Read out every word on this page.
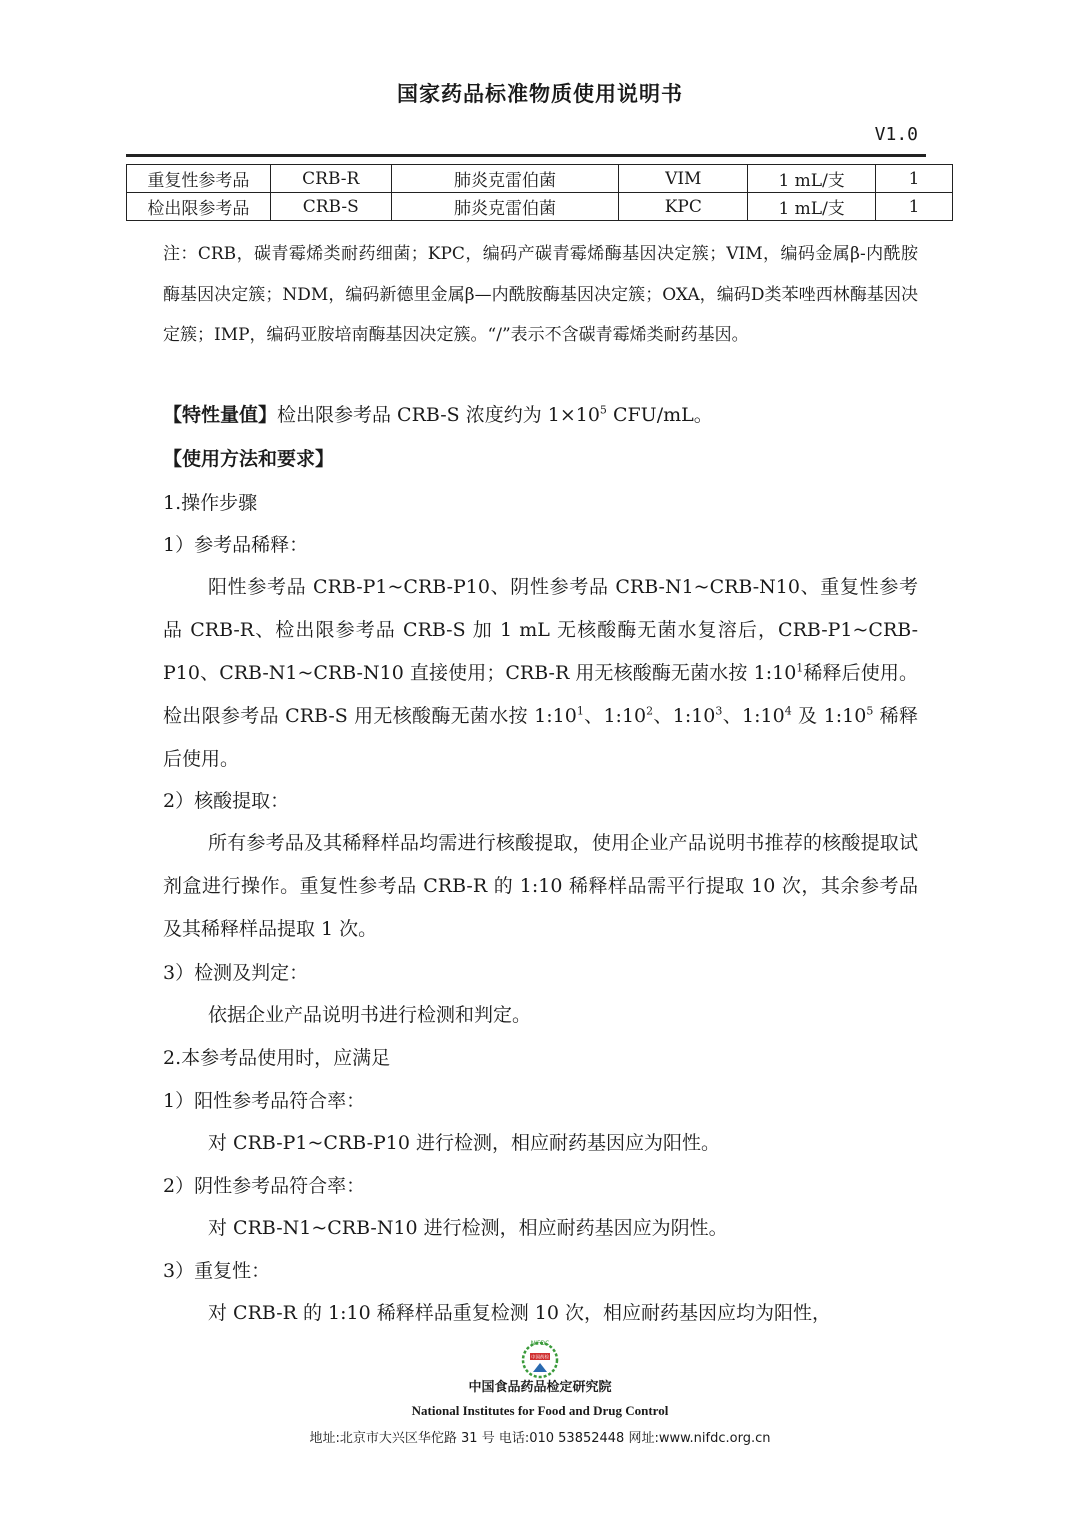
国家药品标准物质使用说明书
V1.0
重复性参考品	CRB-R	肺炎克雷伯菌	VIM	1 mL/支	1
检出限参考品	CRB-S	肺炎克雷伯菌	KPC	1 mL/支	1
注：CRB，碳青霉烯类耐药细菌；KPC，编码产碳青霉烯酶基因决定簇；VIM，编码金属β-内酰胺酶基因决定簇；NDM，编码新德里金属β—内酰胺酶基因决定簇；OXA，编码D类苯唑西林酶基因决定簇；IMP，编码亚胺培南酶基因决定簇。“/”表示不含碳青霉烯类耐药基因。
【特性量值】检出限参考品 CRB-S 浓度约为 $1\times 10^5$ CFU/mL。
【使用方法和要求】
1.操作步骤
1）参考品稀释：
阳性参考品 CRB-P1~CRB-P10、阴性参考品 CRB-N1~CRB-N10、重复性参考品 CRB-R、检出限参考品 CRB-S 加 1 mL 无核酸酶无菌水复溶后，CRB-P1~CRB-P10、CRB-N1~CRB-N10 直接使用；CRB-R 用无核酸酶无菌水按 $1:10^1$稀释后使用。检出限参考品 CRB-S 用无核酸酶无菌水按 $1:10^1$、$1:10^2$、$1:10^3$、$1:10^4$ 及 $1:10^5$ 稀释后使用。
2）核酸提取：
所有参考品及其稀释样品均需进行核酸提取，使用企业产品说明书推荐的核酸提取试剂盒进行操作。重复性参考品 CRB-R 的 1:10 稀释样品需平行提取 10 次，其余参考品及其稀释样品提取 1 次。
3）检测及判定：
依据企业产品说明书进行检测和判定。
2.本参考品使用时，应满足
1）阳性参考品符合率：
对 CRB-P1~CRB-P10 进行检测，相应耐药基因应为阳性。
2）阴性参考品符合率：
对 CRB-N1~CRB-N10 进行检测，相应耐药基因应为阴性。
3）重复性：
对 CRB-R 的 1:10 稀释样品重复检测 10 次，相应耐药基因应均为阳性，
NIFDC
中国药检
中国食品药品检定研究院
National Institutes for Food and Drug Control
地址:北京市大兴区华佗路 31 号 电话:010 53852448 网址:www.nifdc.org.cn
